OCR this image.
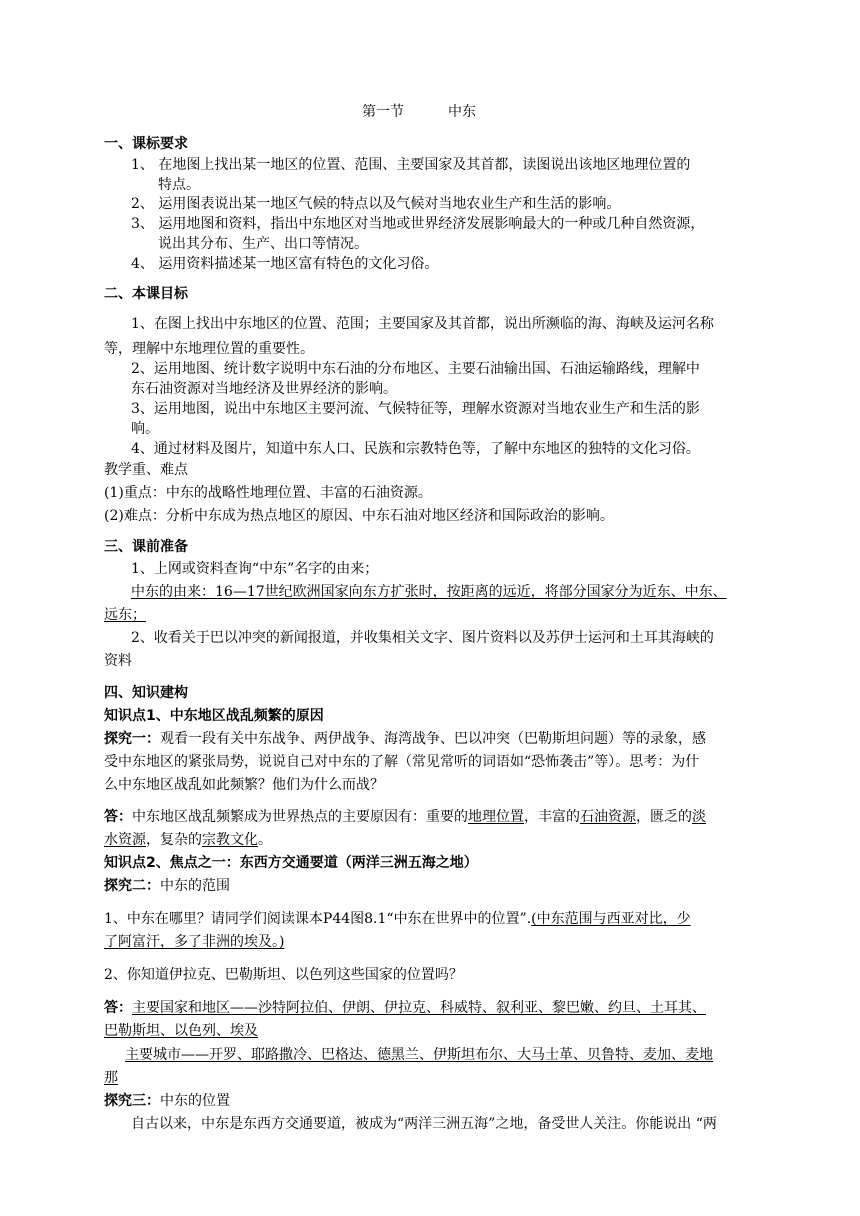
第一节	中东
一、课标要求
1、 在地图上找出某一地区的位置、范围、主要国家及其首都，读图说出该地区地理位置的
特点。
2、 运用图表说出某一地区气候的特点以及气候对当地农业生产和生活的影响。
3、 运用地图和资料，指出中东地区对当地或世界经济发展影响最大的一种或几种自然资源，
说出其分布、生产、出口等情况。
4、 运用资料描述某一地区富有特色的文化习俗。
二、本课目标
1、在图上找出中东地区的位置、范围；主要国家及其首都，说出所濒临的海、海峡及运河名称
等，理解中东地理位置的重要性。
2、运用地图、统计数字说明中东石油的分布地区、主要石油输出国、石油运输路线，理解中
东石油资源对当地经济及世界经济的影响。
3、运用地图，说出中东地区主要河流、气候特征等，理解水资源对当地农业生产和生活的影
响。
4、通过材料及图片，知道中东人口、民族和宗教特色等，了解中东地区的独特的文化习俗。
教学重、难点
(1)重点：中东的战略性地理位置、丰富的石油资源。
(2)难点：分析中东成为热点地区的原因、中东石油对地区经济和国际政治的影响。
三、课前准备
1、上网或资料查询“中东”名字的由来；
中东的由来：16—17世纪欧洲国家向东方扩张时，按距离的远近，将部分国家分为近东、中东、
远东；
2、收看关于巴以冲突的新闻报道，并收集相关文字、图片资料以及苏伊士运河和土耳其海峡的
资料
四、知识建构
知识点1、中东地区战乱频繁的原因
探究一：观看一段有关中东战争、两伊战争、海湾战争、巴以冲突（巴勒斯坦问题）等的录象，感
受中东地区的紧张局势，说说自己对中东的了解（常见常听的词语如“恐怖袭击”等）。思考：为什
么中东地区战乱如此频繁？他们为什么而战？
答：中东地区战乱频繁成为世界热点的主要原因有：重要的地理位置，丰富的石油资源，匮乏的淡
水资源，复杂的宗教文化。
知识点2、焦点之一：东西方交通要道（两洋三洲五海之地）
探究二：中东的范围
1、中东在哪里？请同学们阅读课本P44图8.1“中东在世界中的位置”.(中东范围与西亚对比，少
了阿富汗，多了非洲的埃及。)
2、你知道伊拉克、巴勒斯坦、以色列这些国家的位置吗？
答：主要国家和地区——沙特阿拉伯、伊朗、伊拉克、科威特、叙利亚、黎巴嫩、约旦、土耳其、
巴勒斯坦、以色列、埃及
主要城市——开罗、耶路撒冷、巴格达、德黑兰、伊斯坦布尔、大马士革、贝鲁特、麦加、麦地
那
探究三：中东的位置
自古以来，中东是东西方交通要道，被成为“两洋三洲五海”之地，备受世人关注。你能说出 “两
